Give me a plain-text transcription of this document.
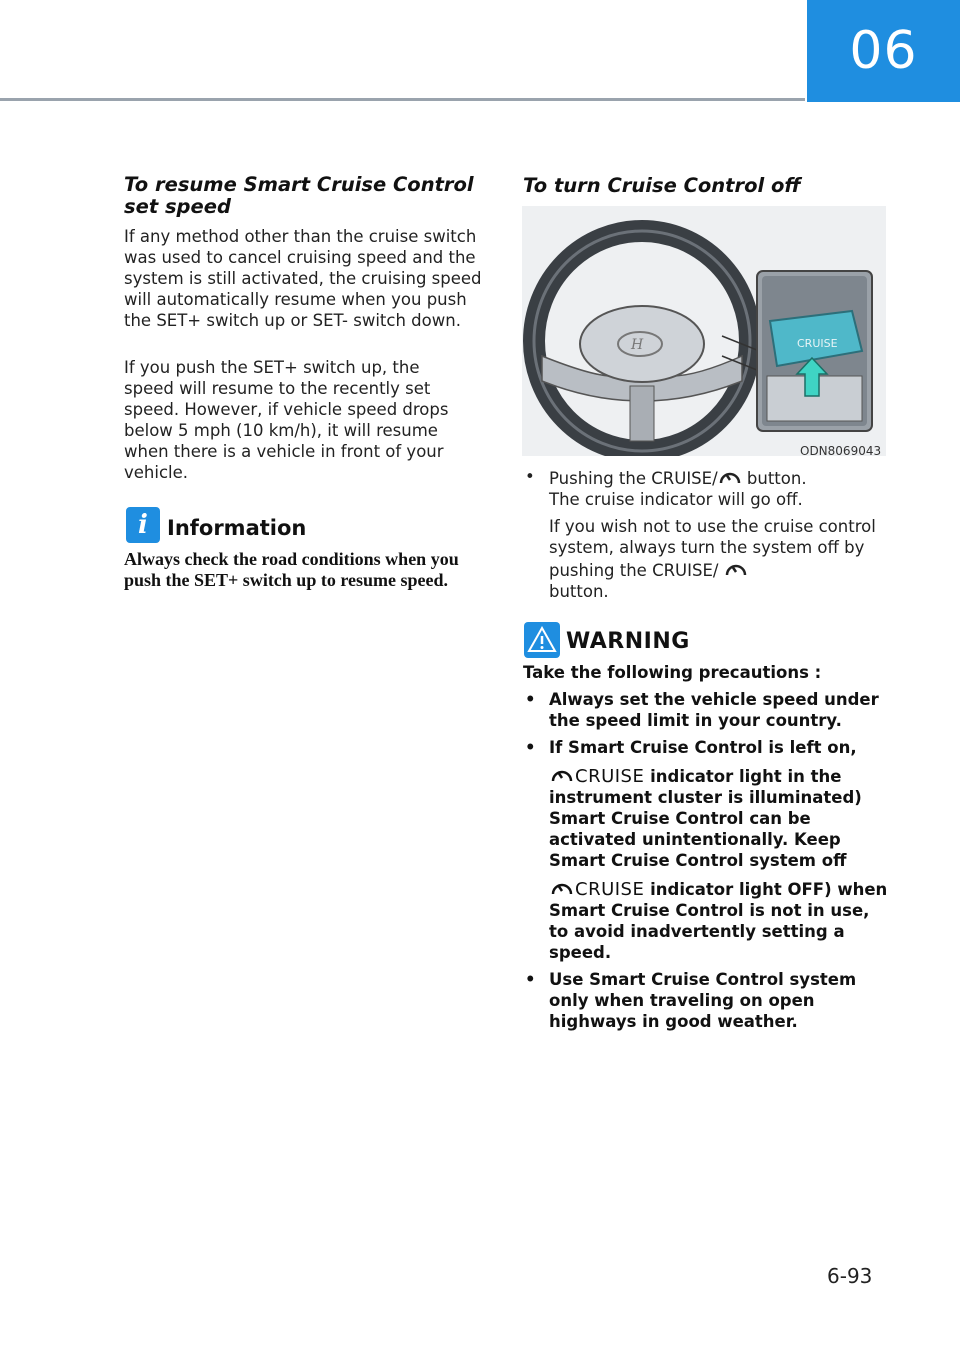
06
To resume Smart Cruise Control set speed

If any method other than the cruise switch was used to cancel cruising speed and the system is still activated, the cruising speed will automatically resume when you push the SET+ switch up or SET- switch down.

If you push the SET+ switch up, the speed will resume to the recently set speed. However, if vehicle speed drops below 5 mph (10 km/h), it will resume when there is a vehicle in front of your vehicle.

i Information
Always check the road conditions when you push the SET+ switch up to resume speed.
To turn Cruise Control off
H	CRUISE
ODN8069043
• Pushing the CRUISE/ button.
The cruise indicator will go off.
If you wish not to use the cruise control system, always turn the system off by pushing the CRUISE/
button.
WARNING
Take the following precautions :
• Always set the vehicle speed under the speed limit in your country.
• If Smart Cruise Control is left on,
CRUISE indicator light in the instrument cluster is illuminated) Smart Cruise Control can be activated unintentionally. Keep Smart Cruise Control system off
CRUISE indicator light OFF) when Smart Cruise Control is not in use, to avoid inadvertently setting a speed.
• Use Smart Cruise Control system only when traveling on open highways in good weather.
6-93
